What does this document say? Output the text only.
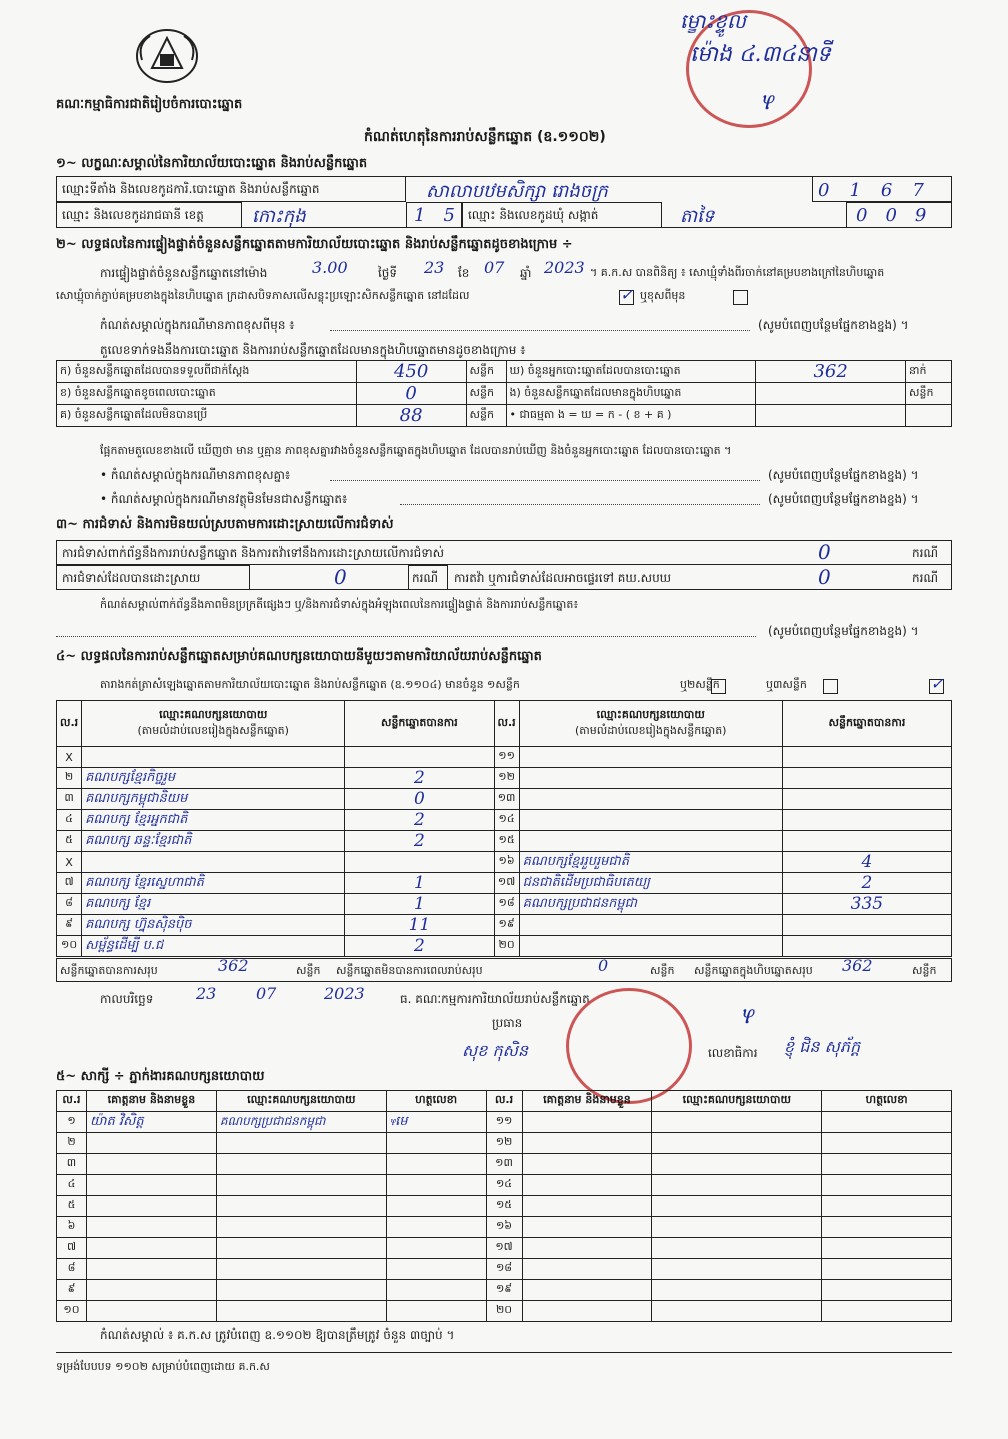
គណៈកម្មាធិការជាតិរៀបចំការបោះឆ្នោត
ម្ខោះខ្ទូល
ម៉ោង ៤.៣៤នាទី
ⳡ
កំណត់ហេតុនៃការរាប់សន្លឹកឆ្នោត (ឧ.១១០២)
១~ លក្ខណៈសម្គាល់នៃការិយាល័យបោះឆ្នោត និងរាប់សន្លឹកឆ្នោត
ឈ្មោះទីតាំង និងលេខកូដការិ.បោះឆ្នោត និងរាប់សន្លឹកឆ្នោត	សាលាបឋមសិក្សា រោងចក្រ	0167
ឈ្មោះ និងលេខកូដរាជធានី ខេត្ត	កោះកុង	15
ឈ្មោះ និងលេខកូដឃុំ សង្កាត់	តាទៃ	009
២~ លទ្ធផលនៃការផ្ទៀងផ្ទាត់ចំនួនសន្លឹកឆ្នោតតាមការិយាល័យបោះឆ្នោត និងរាប់សន្លឹកឆ្នោតដូចខាងក្រោម ÷
ការផ្ទៀងផ្ទាត់ចំនួនសន្លឹកឆ្នោតនៅម៉ោង	3.00	ថ្ងៃទី 23 ខែ 07 ឆ្នាំ 2023 ។ គ.ក.ស បានពិនិត្យ ៖ សោឃ្មុំទាំងពីរចាក់នៅគម្របខាងក្រៅនៃហិបឆ្នោត
សោឃ្មុំចាក់ភ្ជាប់គម្របខាងក្នុងនៃហិបឆ្នោត ក្រដាសបិទភាសលើសន្លុះប្រឡោះសិកសន្លឹកឆ្នោត នៅដដែល	✓
ឬខុសពីមុន

កំណត់សម្គាល់ក្នុងករណីមានភាពខុសពីមុន ៖	(សូមបំពេញបន្ថែមផ្នែកខាងខ្នង) ។
តួលេខទាក់ទងនឹងការបោះឆ្នោត និងការរាប់សន្លឹកឆ្នោតដែលមានក្នុងហិបឆ្នោតមានដូចខាងក្រោម ៖
ក) ចំនួនសន្លឹកឆ្នោតដែលបានទទួលពីជាក់ស្តែង	450	សន្លឹក	ឃ) ចំនួនអ្នកបោះឆ្នោតដែលបានបោះឆ្នោត	362	នាក់
ខ) ចំនួនសន្លឹកឆ្នោតខូចពេលបោះឆ្នោត	0	សន្លឹក	ង) ចំនួនសន្លឹកឆ្នោតដែលមានក្នុងហិបឆ្នោត		សន្លឹក
គ) ចំនួនសន្លឹកឆ្នោតដែលមិនបានប្រើ	88	សន្លឹក	• ជាធម្មតា ង = ឃ = ក - ( ខ + គ )		
ផ្អែកតាមតួលេខខាងលើ ឃើញថា មាន ឬគ្មាន ភាពខុសគ្នារវាងចំនួនសន្លឹកឆ្នោតក្នុងហិបឆ្នោត ដែលបានរាប់ឃើញ និងចំនួនអ្នកបោះឆ្នោត ដែលបានបោះឆ្នោត ។
• កំណត់សម្គាល់ក្នុងករណីមានភាពខុសគ្នា៖	(សូមបំពេញបន្ថែមផ្នែកខាងខ្នង) ។
• កំណត់សម្គាល់ក្នុងករណីមានវត្ថុមិនមែនជាសន្លឹកឆ្នោត៖	(សូមបំពេញបន្ថែមផ្នែកខាងខ្នង) ។
៣~ ការជំទាស់ និងការមិនយល់ស្របតាមការដោះស្រាយលើការជំទាស់
ការជំទាស់ពាក់ព័ន្ធនឹងការរាប់សន្លឹកឆ្នោត និងការតវ៉ាទៅនឹងការដោះស្រាយលើការជំទាស់	0	ករណី
ការជំទាស់ដែលបានដោះស្រាយ	0	ករណី ការតវ៉ា ឬការជំទាស់ដែលអាចផ្ទេរទៅ គឃ.សបឃ	0	ករណី
កំណត់សម្គាល់ពាក់ព័ន្ធនឹងភាពមិនប្រក្រតីផ្សេងៗ ឬ/និងការជំទាស់ក្នុងអំឡុងពេលនៃការផ្ទៀងផ្ទាត់ និងការរាប់សន្លឹកឆ្នោត៖
(សូមបំពេញបន្ថែមផ្នែកខាងខ្នង) ។
៤~ លទ្ធផលនៃការរាប់សន្លឹកឆ្នោតសម្រាប់គណបក្សនយោបាយនីមួយៗតាមការិយាល័យរាប់សន្លឹកឆ្នោត
តារាងកត់ត្រាសំឡេងឆ្នោតតាមការិយាល័យបោះឆ្នោត និងរាប់សន្លឹកឆ្នោត (ឧ.១១០៤) មានចំនួន ១សន្លឹក
	ឬ២សន្លឹក
	ឬ៣សន្លឹក	✓
ល.រ	ឈ្មោះគណបក្សនយោបាយ
(តាមលំដាប់លេខរៀងក្នុងសន្លឹកឆ្នោត)	សន្លឹកឆ្នោតបានការ	ល.រ	ឈ្មោះគណបក្សនយោបាយ
(តាមលំដាប់លេខរៀងក្នុងសន្លឹកឆ្នោត)	សន្លឹកឆ្នោតបានការ
X			១១		
២	គណបក្សខ្មែរកិច្ចរួម	2	១២		
៣	គណបក្សកម្ពុជានិយម	0	១៣		
៤	គណបក្ស ខ្មែរអ្នកជាតិ	2	១៤		
៥	គណបក្ស ឆន្ទៈខ្មែរជាតិ	2	១៥		
X			១៦	គណបក្សខ្មែររួបរួមជាតិ	4
៧	គណបក្ស ខ្មែរស្នេហាជាតិ	1	១៧	ជនជាតិដើមប្រជាធិបតេយ្យ	2
៨	គណបក្ស ខ្មែរ	1	១៨	គណបក្សប្រជាជនកម្ពុជា	335
៩	គណបក្ស ហ្វ៊ុនស៊ិនប៉ិច	11	១៩		
១០	សម្ព័ន្ធដើម្បី ប.ជ	2	២០		
សន្លឹកឆ្នោតបានការសរុប	362	សន្លឹក សន្លឹកឆ្នោតមិនបានការពេលរាប់សរុប	0	សន្លឹក សន្លឹកឆ្នោតក្នុងហិបឆ្នោតសរុប 362	សន្លឹក
កាលបរិច្ឆេទ	23 07	2023	ធ. គណៈកម្មការការិយាល័យរាប់សន្លឹកឆ្នោត
ប្រធាន
សុខ កុសិន
ⳡ
លេខាធិការ ខ្ញុំ ជិន សុភ័ក្ត
៥~ សាក្សី ÷ ភ្នាក់ងារគណបក្សនយោបាយ
ល.រ	គោត្តនាម និងនាមខ្លួន	ឈ្មោះគណបក្សនយោបាយ	ហត្ថលេខា	ល.រ	គោត្តនាម និងនាមខ្លួន	ឈ្មោះគណបក្សនយោបាយ	ហត្ថលេខា
១	យ៉ាត វិសិត្ត	គណបក្សប្រជាជនកម្ពុជា	ⳡមេ	១១			
២				១២			
៣				១៣			
៤				១៤			
៥				១៥			
៦				១៦			
៧				១៧			
៨				១៨			
៩				១៩			
១០				២០			
កំណត់សម្គាល់ ៖ គ.ក.ស ត្រូវបំពេញ ឧ.១១០២ ឱ្យបានត្រឹមត្រូវ ចំនួន ៣ច្បាប់ ។
ទម្រង់បែបបទ ១១០២ សម្រាប់បំពេញដោយ គ.ក.ស
